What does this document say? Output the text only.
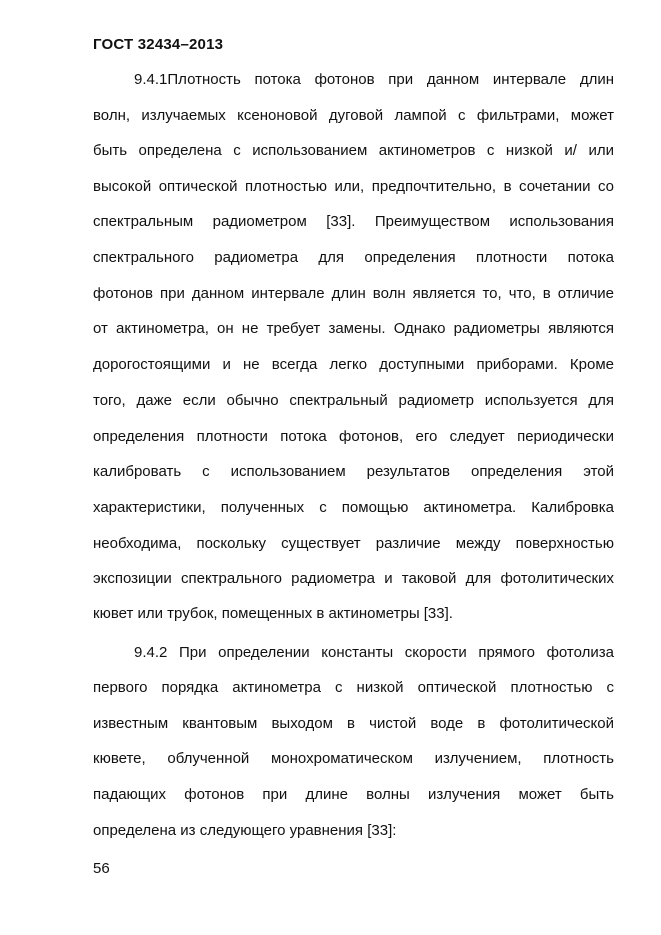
ГОСТ 32434–2013
9.4.1Плотность потока фотонов при данном интервале длин
волн, излучаемых ксеноновой дуговой лампой с фильтрами, может
быть определена с использованием актинометров с низкой и/ или
высокой оптической плотностью или, предпочтительно, в сочетании со
спектральным радиометром [33]. Преимуществом использования
спектрального радиометра для определения плотности потока
фотонов при данном интервале длин волн является то, что, в отличие
от актинометра, он не требует замены. Однако радиометры являются
дорогостоящими и не всегда легко доступными приборами. Кроме
того, даже если обычно спектральный радиометр используется для
определения плотности потока фотонов, его следует периодически
калибровать с использованием результатов определения этой
характеристики, полученных с помощью актинометра. Калибровка
необходима, поскольку существует различие между поверхностью
экспозиции спектрального радиометра и таковой для фотолитических
кювет или трубок, помещенных в актинометры [33].
9.4.2 При определении константы скорости прямого фотолиза
первого порядка актинометра с низкой оптической плотностью с
известным квантовым выходом в чистой воде в фотолитической
кювете, облученной монохроматическом излучением, плотность
падающих фотонов при длине волны излучения может быть
определена из следующего уравнения [33]:
56
